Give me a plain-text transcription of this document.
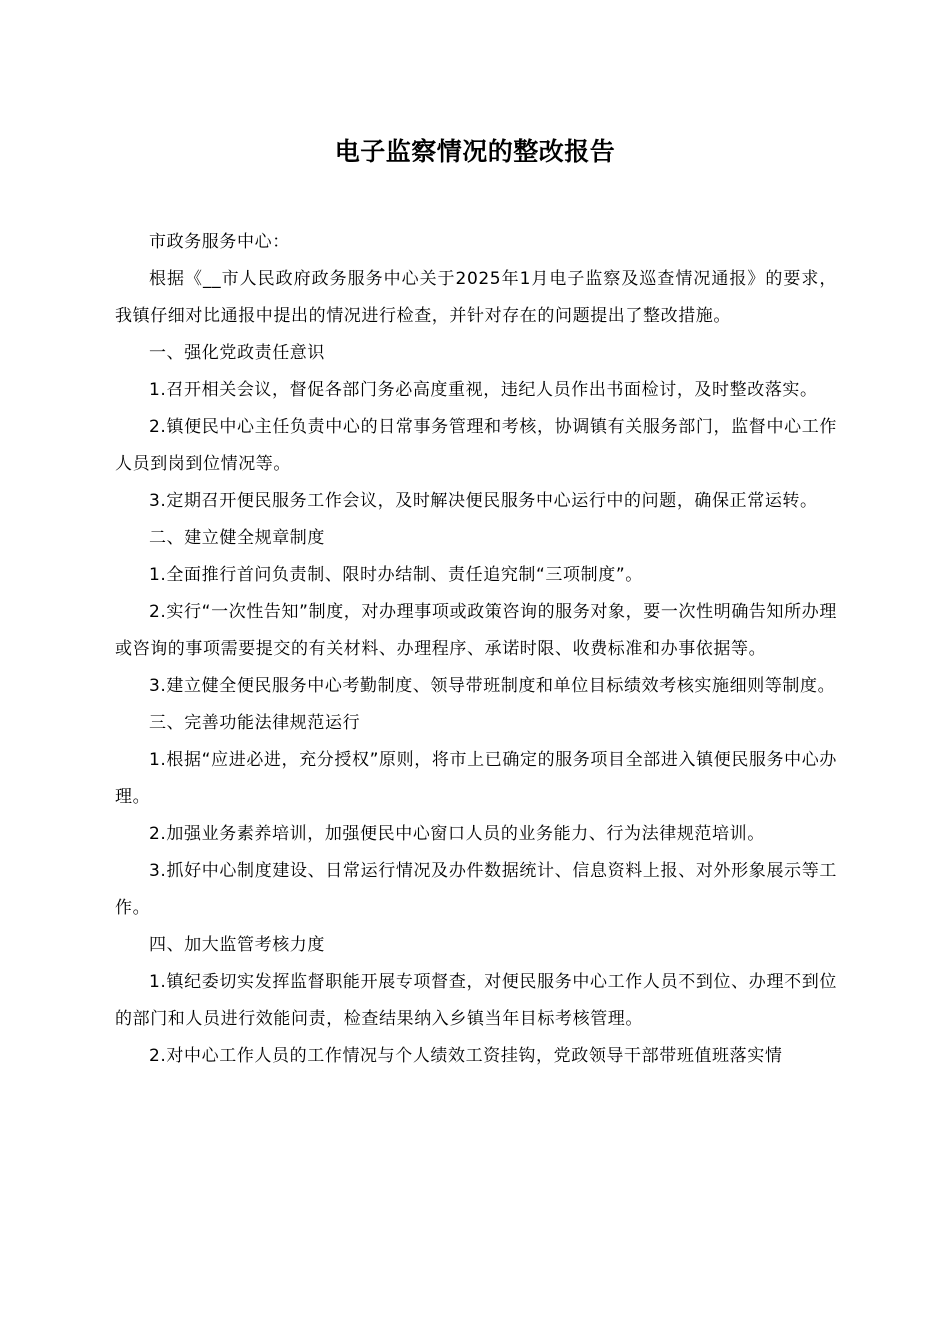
电子监察情况的整改报告

市政务服务中心：

根据《__市人民政府政务服务中心关于2025年1月电子监察及巡查情况通报》的要求，我镇仔细对比通报中提出的情况进行检查，并针对存在的问题提出了整改措施。

一、强化党政责任意识

1.召开相关会议，督促各部门务必高度重视，违纪人员作出书面检讨，及时整改落实。

2.镇便民中心主任负责中心的日常事务管理和考核，协调镇有关服务部门，监督中心工作人员到岗到位情况等。

3.定期召开便民服务工作会议，及时解决便民服务中心运行中的问题，确保正常运转。

二、建立健全规章制度

1.全面推行首问负责制、限时办结制、责任追究制“三项制度”。

2.实行“一次性告知”制度，对办理事项或政策咨询的服务对象，要一次性明确告知所办理或咨询的事项需要提交的有关材料、办理程序、承诺时限、收费标准和办事依据等。

3.建立健全便民服务中心考勤制度、领导带班制度和单位目标绩效考核实施细则等制度。

三、完善功能法律规范运行

1.根据“应进必进，充分授权”原则，将市上已确定的服务项目全部进入镇便民服务中心办理。

2.加强业务素养培训，加强便民中心窗口人员的业务能力、行为法律规范培训。

3.抓好中心制度建设、日常运行情况及办件数据统计、信息资料上报、对外形象展示等工作。

四、加大监管考核力度

1.镇纪委切实发挥监督职能开展专项督查，对便民服务中心工作人员不到位、办理不到位的部门和人员进行效能问责，检查结果纳入乡镇当年目标考核管理。

2.对中心工作人员的工作情况与个人绩效工资挂钩，党政领导干部带班值班落实情
